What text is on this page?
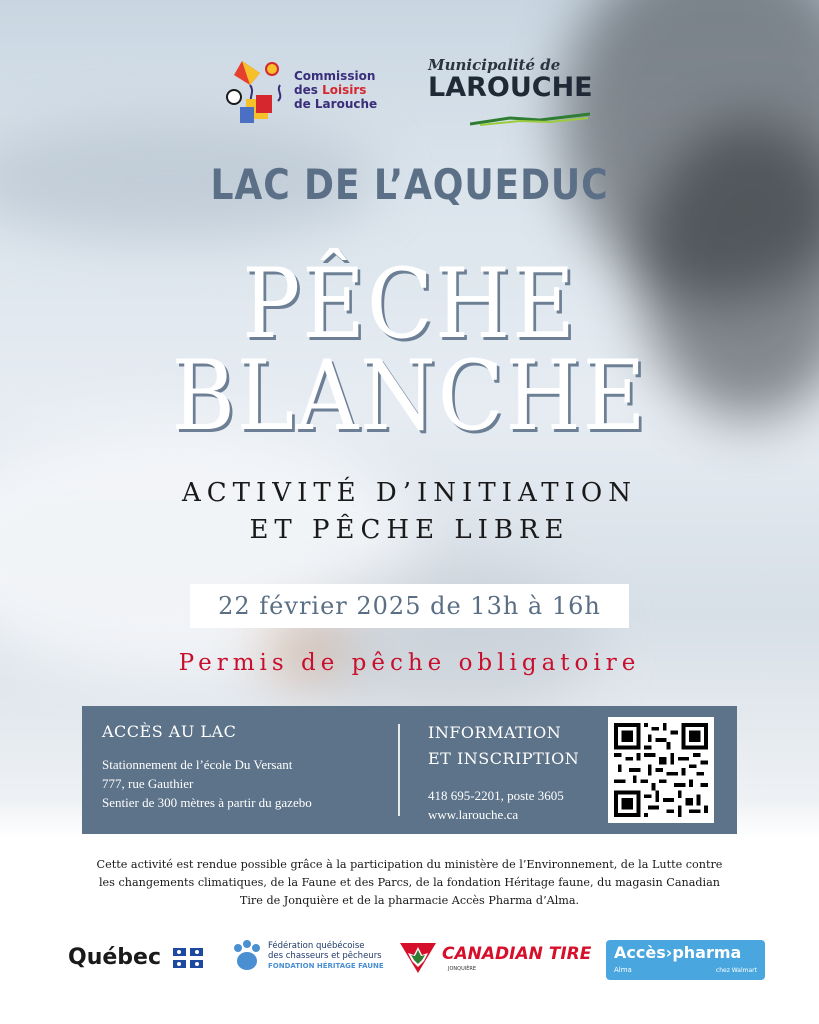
Commission
des Loisirs
de Larouche
Municipalité de
LAROUCHE
LAC DE L’AQUEDUC
PÊCHE
BLANCHE
ACTIVITÉ D’INITIATION
ET PÊCHE LIBRE
22 février 2025 de 13h à 16h
Permis de pêche obligatoire
ACCÈS AU LAC
Stationnement de l’école Du Versant
777, rue Gauthier
Sentier de 300 mètres à partir du gazebo
INFORMATION
ET INSCRIPTION
418 695-2201, poste 3605
www.larouche.ca
Cette activité est rendue possible grâce à la participation du ministère de l’Environnement, de la Lutte contre les changements climatiques, de la Faune et des Parcs, de la fondation Héritage faune, du magasin Canadian Tire de Jonquière et de la pharmacie Accès Pharma d’Alma.
Québec	Fédération québécoise
des chasseurs et pêcheurs
FONDATION HÉRITAGE FAUNE
CANADIAN TIRE
JONQUIÈRE
Accès›pharma
Alma	chez Walmart
